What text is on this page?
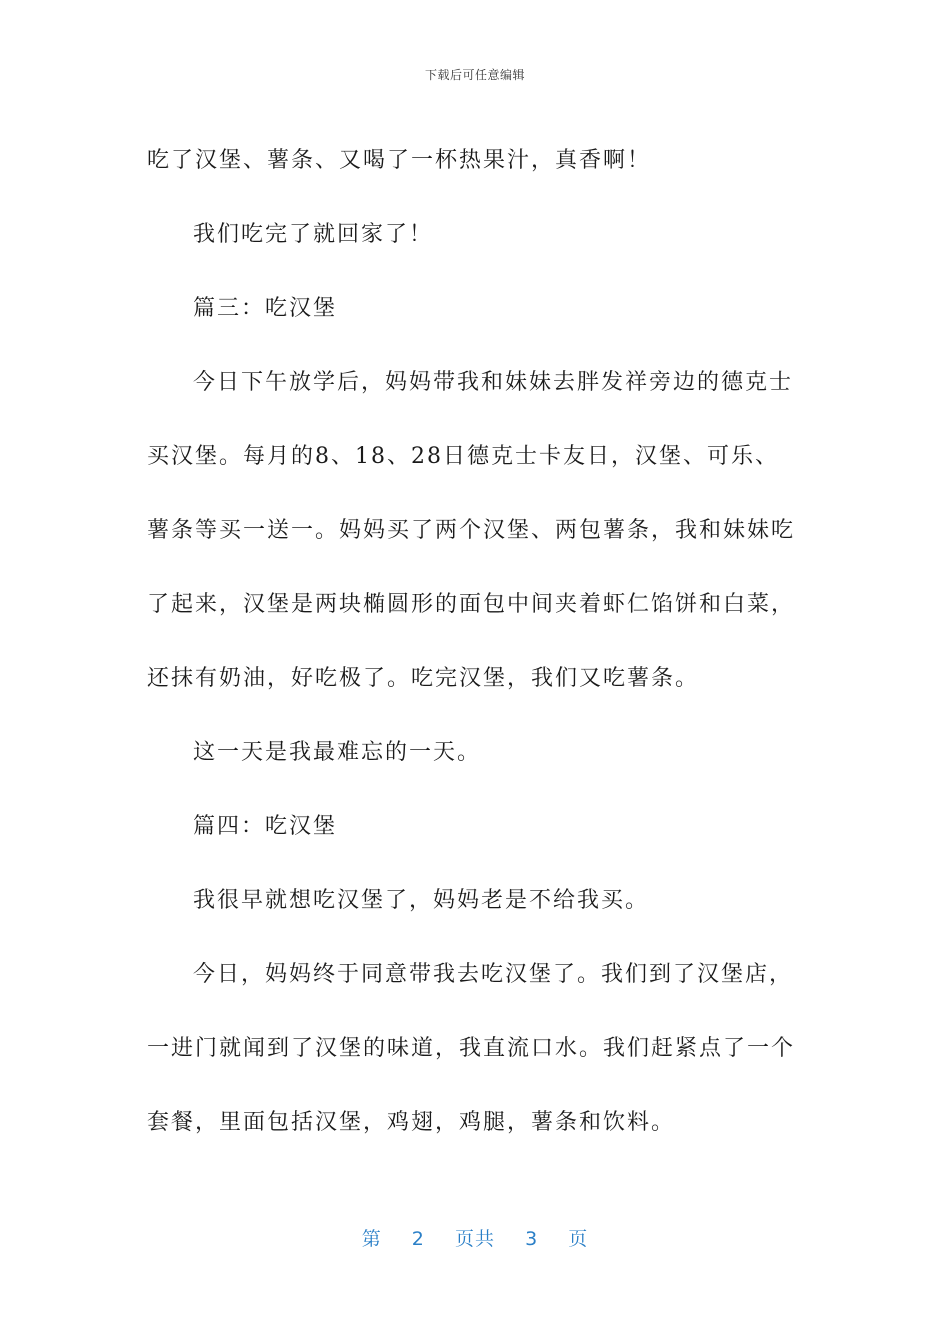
下载后可任意编辑

吃了汉堡、薯条、又喝了一杯热果汁，真香啊！

我们吃完了就回家了！

篇三：吃汉堡

今日下午放学后，妈妈带我和妹妹去胖发祥旁边的德克士买汉堡。每月的8、18、28日德克士卡友日，汉堡、可乐、薯条等买一送一。妈妈买了两个汉堡、两包薯条，我和妹妹吃了起来，汉堡是两块椭圆形的面包中间夹着虾仁馅饼和白菜，还抹有奶油，好吃极了。吃完汉堡，我们又吃薯条。

这一天是我最难忘的一天。

篇四：吃汉堡

我很早就想吃汉堡了，妈妈老是不给我买。

今日，妈妈终于同意带我去吃汉堡了。我们到了汉堡店，一进门就闻到了汉堡的味道，我直流口水。我们赶紧点了一个套餐，里面包括汉堡，鸡翅，鸡腿，薯条和饮料。

第 2 页共 3 页
